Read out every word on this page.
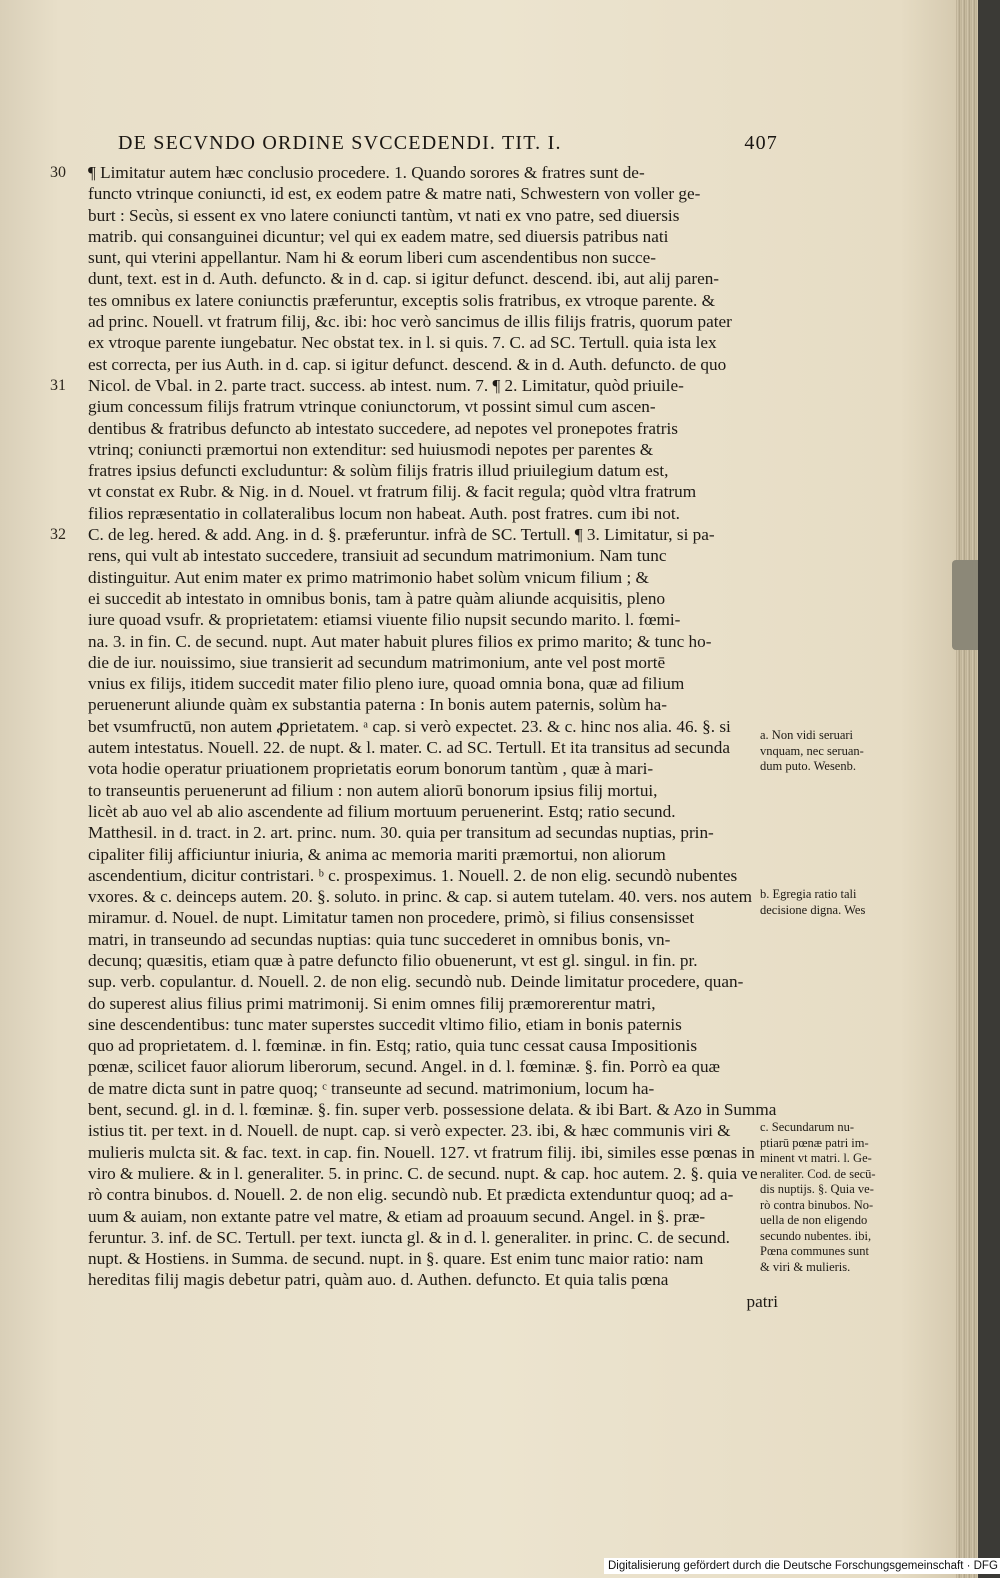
DE SECVNDO ORDINE SVCCEDENDI. TIT. I.	407
30 ¶ Limitatur autem hæc conclusio procedere. 1. Quando sorores & fratres sunt de-
functo vtrinque coniuncti, id est, ex eodem patre & matre nati, Schwestern von voller ge-
burt : Secùs, si essent ex vno latere coniuncti tantùm, vt nati ex vno patre, sed diuersis
matrib. qui consanguinei dicuntur; vel qui ex eadem matre, sed diuersis patribus nati
sunt, qui vterini appellantur. Nam hi & eorum liberi cum ascendentibus non succe-
dunt, text. est in d. Auth. defuncto. & in d. cap. si igitur defunct. descend. ibi, aut alij paren-
tes omnibus ex latere coniunctis præferuntur, exceptis solis fratribus, ex vtroque parente. &
ad princ. Nouell. vt fratrum filij, &c. ibi: hoc verò sancimus de illis filijs fratris, quorum pater
ex vtroque parente iungebatur. Nec obstat tex. in l. si quis. 7. C. ad SC. Tertull. quia ista lex
est correcta, per ius Auth. in d. cap. si igitur defunct. descend. & in d. Auth. defuncto. de quo
31 Nicol. de Vbal. in 2. parte tract. success. ab intest. num. 7. ¶ 2. Limitatur, quòd priuile-
gium concessum filijs fratrum vtrinque coniunctorum, vt possint simul cum ascen-
dentibus & fratribus defuncto ab intestato succedere, ad nepotes vel pronepotes fratris
vtrinq; coniuncti præmortui non extenditur: sed huiusmodi nepotes per parentes &
fratres ipsius defuncti excluduntur: & solùm filijs fratris illud priuilegium datum est,
vt constat ex Rubr. & Nig. in d. Nouel. vt fratrum filij. & facit regula; quòd vltra fratrum
filios repræsentatio in collateralibus locum non habeat. Auth. post fratres. cum ibi not.
32 C. de leg. hered. & add. Ang. in d. §. præferuntur. infrà de SC. Tertull. ¶ 3. Limitatur, si pa-
rens, qui vult ab intestato succedere, transiuit ad secundum matrimonium. Nam tunc
distinguitur. Aut enim mater ex primo matrimonio habet solùm vnicum filium ; &
ei succedit ab intestato in omnibus bonis, tam à patre quàm aliunde acquisitis, pleno
iure quoad vsufr. & proprietatem: etiamsi viuente filio nupsit secundo marito. l. fœmi-
na. 3. in fin. C. de secund. nupt. Aut mater habuit plures filios ex primo marito; & tunc ho-
die de iur. nouissimo, siue transierit ad secundum matrimonium, ante vel post mortē
vnius ex filijs, itidem succedit mater filio pleno iure, quoad omnia bona, quæ ad filium
peruenerunt aliunde quàm ex substantia paterna : In bonis autem paternis, solùm ha-
bet vsumfructū, non autem ꝓprietatem. ᵃ cap. si verò expectet. 23. & c. hinc nos alia. 46. §. si
autem intestatus. Nouell. 22. de nupt. & l. mater. C. ad SC. Tertull. Et ita transitus ad secunda
vota hodie operatur priuationem proprietatis eorum bonorum tantùm , quæ à mari-
to transeuntis peruenerunt ad filium : non autem aliorū bonorum ipsius filij mortui,
licèt ab auo vel ab alio ascendente ad filium mortuum peruenerint. Estq; ratio secund.
Matthesil. in d. tract. in 2. art. princ. num. 30. quia per transitum ad secundas nuptias, prin-
cipaliter filij afficiuntur iniuria, & anima ac memoria mariti præmortui, non aliorum
ascendentium, dicitur contristari. ᵇ c. prospeximus. 1. Nouell. 2. de non elig. secundò nubentes
vxores. & c. deinceps autem. 20. §. soluto. in princ. & cap. si autem tutelam. 40. vers. nos autem
miramur. d. Nouel. de nupt. Limitatur tamen non procedere, primò, si filius consensisset
matri, in transeundo ad secundas nuptias: quia tunc succederet in omnibus bonis, vn-
decunq; quæsitis, etiam quæ à patre defuncto filio obuenerunt, vt est gl. singul. in fin. pr.
sup. verb. copulantur. d. Nouell. 2. de non elig. secundò nub. Deinde limitatur procedere, quan-
do superest alius filius primi matrimonij. Si enim omnes filij præmorerentur matri,
sine descendentibus: tunc mater superstes succedit vltimo filio, etiam in bonis paternis
quo ad proprietatem. d. l. fœminæ. in fin. Estq; ratio, quia tunc cessat causa Impositionis
pœnæ, scilicet fauor aliorum liberorum, secund. Angel. in d. l. fœminæ. §. fin. Porrò ea quæ
de matre dicta sunt in patre quoq; ᶜ transeunte ad secund. matrimonium, locum ha-
bent, secund. gl. in d. l. fœminæ. §. fin. super verb. possessione delata. & ibi Bart. & Azo in Summa
istius tit. per text. in d. Nouell. de nupt. cap. si verò expecter. 23. ibi, & hæc communis viri &
mulieris mulcta sit. & fac. text. in cap. fin. Nouell. 127. vt fratrum filij. ibi, similes esse pœnas in
viro & muliere. & in l. generaliter. 5. in princ. C. de secund. nupt. & cap. hoc autem. 2. §. quia ve
rò contra binubos. d. Nouell. 2. de non elig. secundò nub. Et prædicta extenduntur quoq; ad a-
uum & auiam, non extante patre vel matre, & etiam ad proauum secund. Angel. in §. præ-
feruntur. 3. inf. de SC. Tertull. per text. iuncta gl. & in d. l. generaliter. in princ. C. de secund.
nupt. & Hostiens. in Summa. de secund. nupt. in §. quare. Est enim tunc maior ratio: nam
hereditas filij magis debetur patri, quàm auo. d. Authen. defuncto. Et quia talis pœna
patri
a. Non vidi seruari
vnquam, nec seruan-
dum puto. Wesenb.
b. Egregia ratio tali
decisione digna. Wes
c. Secundarum nu-
ptiarū pœnæ patri im-
minent vt matri. l. Ge-
neraliter. Cod. de secū-
dis nuptijs. §. Quia ve-
rò contra binubos. No-
uella de non eligendo
secundo nubentes. ibi,
Pœna communes sunt
& viri & mulieris.
Digitalisierung gefördert durch die Deutsche Forschungsgemeinschaft · DFG
